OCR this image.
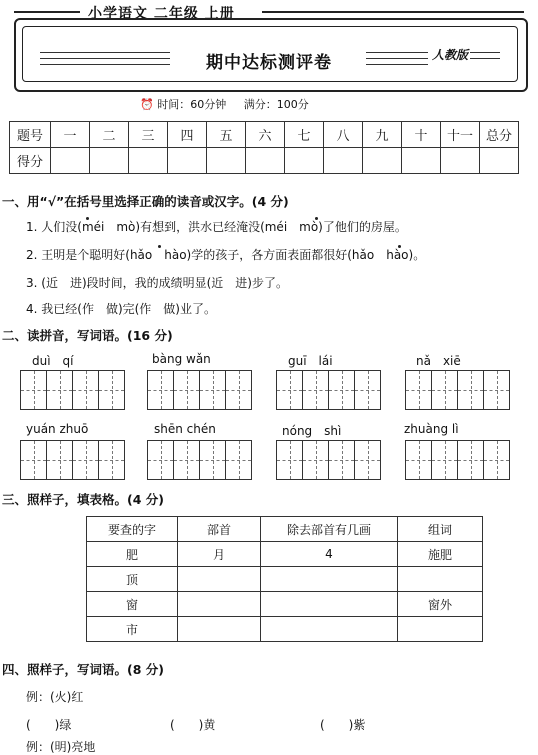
小学语文 二年级 上册
期中达标测评卷	人教版
⏰ 时间：60分钟 满分：100分
题号	一	二	三	四	五	六	七	八	九	十	十一	总分
得分												
一、用“√”在括号里选择正确的读音或汉字。(4 分)
1. 人们没(méi　mò)有想到，洪水已经淹没(méi　mò)了他们的房屋。
2. 王明是个聪明好(hǎo　hào)学的孩子，各方面表面都很好(hǎo　hào)。
3. (近　进)段时间，我的成绩明显(近　进)步了。
4. 我已经(作　做)完(作　做)业了。
二、读拼音，写词语。(16 分)
duì　qí	bàng wǎn	guī　lái	nǎ　xiē
yuán zhuō	shēn chén	nóng　shì	zhuàng lì
三、照样子，填表格。(4 分)
要查的字	部首	除去部首有几画	组词
肥	月	4	施肥
顶			
窗			窗外
市			
四、照样子，写词语。(8 分)
例：(火)红
(　　)绿	(　　)黄	(　　)紫
例：(明)亮地
